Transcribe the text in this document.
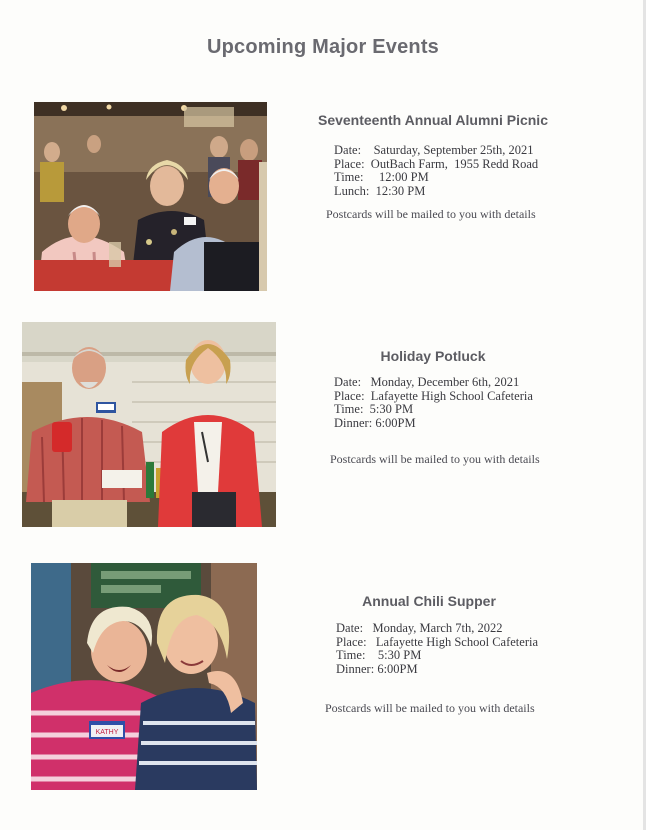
Upcoming Major Events
Seventeenth Annual Alumni Picnic
Date: Saturday, September 25th, 2021
Place: OutBach Farm,  1955 Redd Road
Time:     12:00 PM
Lunch: 12:30 PM
Postcards will be mailed to you with details
Holiday Potluck
Date: Monday, December 6th, 2021
Place: Lafayette High School Cafeteria
Time: 5:30 PM
Dinner: 6:00PM
Postcards will be mailed to you with details
KATHY
Annual Chili Supper
Date: Monday, March 7th, 2022
Place: Lafayette High School Cafeteria
Time:    5:30 PM
Dinner: 6:00PM
Postcards will be mailed to you with details
